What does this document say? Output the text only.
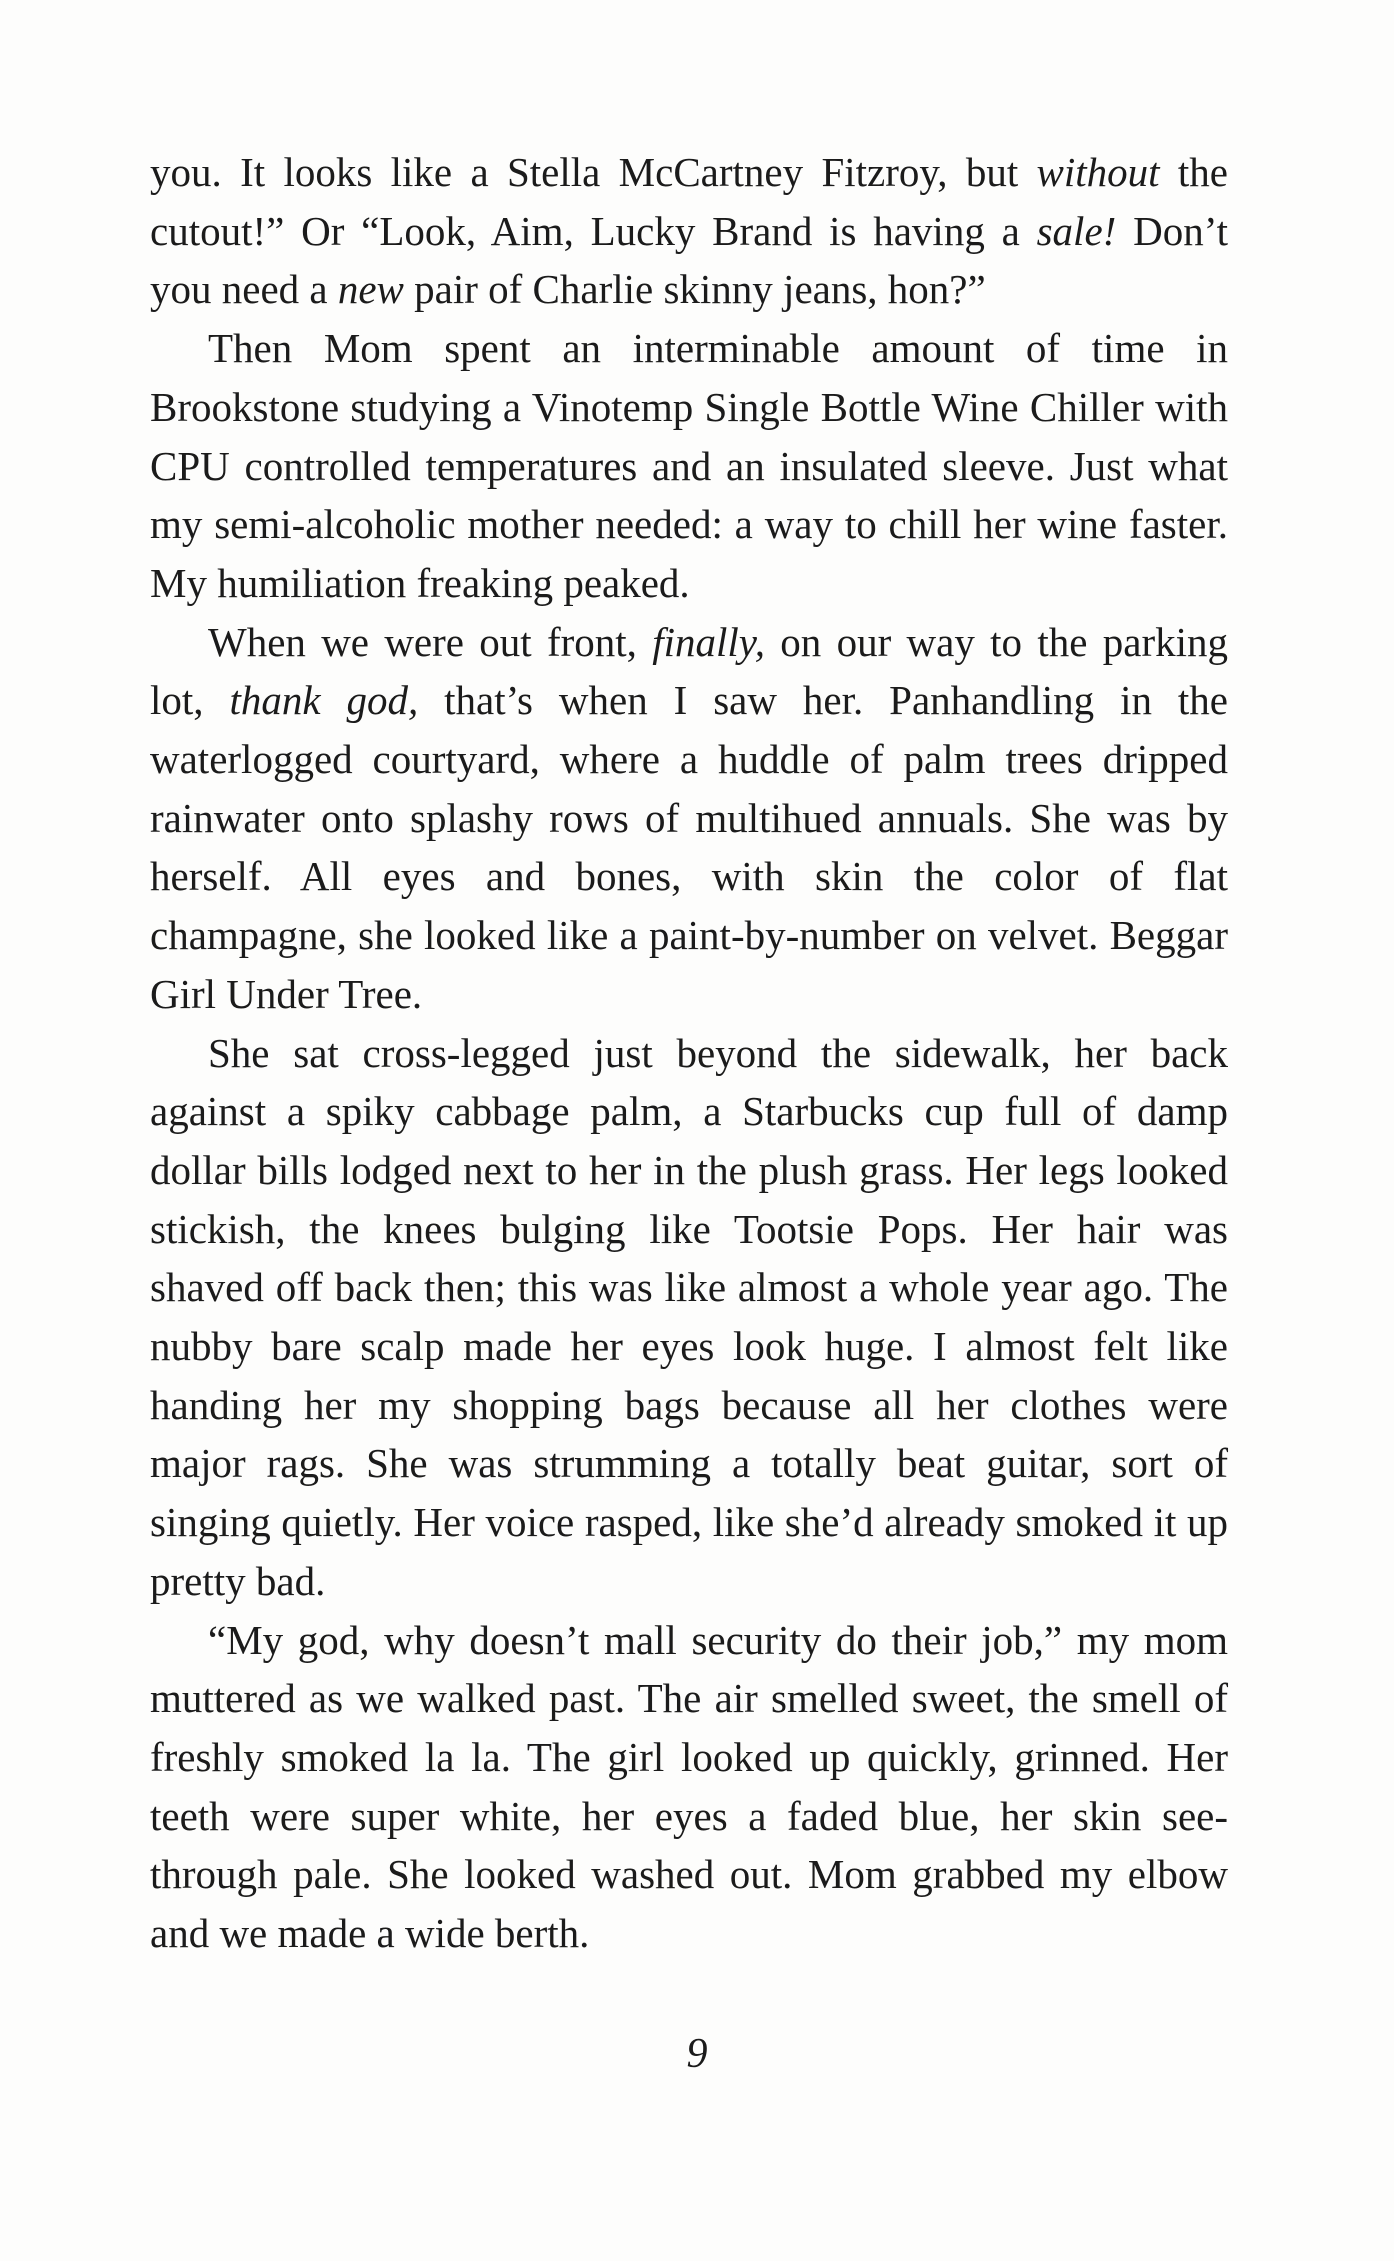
you. It looks like a Stella McCartney Fitzroy, but without the cutout!” Or “Look, Aim, Lucky Brand is having a sale! Don’t you need a new pair of Charlie skinny jeans, hon?”

Then Mom spent an interminable amount of time in Brookstone studying a Vinotemp Single Bottle Wine Chiller with CPU controlled temperatures and an insulated sleeve. Just what my semi-alcoholic mother needed: a way to chill her wine faster. My humiliation freaking peaked.

When we were out front, finally, on our way to the parking lot, thank god, that’s when I saw her. Panhandling in the waterlogged courtyard, where a huddle of palm trees dripped rainwater onto splashy rows of multihued annuals. She was by herself. All eyes and bones, with skin the color of flat champagne, she looked like a paint-by-number on velvet. Beggar Girl Under Tree.

She sat cross-legged just beyond the sidewalk, her back against a spiky cabbage palm, a Starbucks cup full of damp dollar bills lodged next to her in the plush grass. Her legs looked stickish, the knees bulging like Tootsie Pops. Her hair was shaved off back then; this was like almost a whole year ago. The nubby bare scalp made her eyes look huge. I almost felt like handing her my shopping bags because all her clothes were major rags. She was strumming a totally beat guitar, sort of singing quietly. Her voice rasped, like she’d already smoked it up pretty bad.

“My god, why doesn’t mall security do their job,” my mom muttered as we walked past. The air smelled sweet, the smell of freshly smoked la la. The girl looked up quickly, grinned. Her teeth were super white, her eyes a faded blue, her skin see-through pale. She looked washed out. Mom grabbed my elbow and we made a wide berth.

9
